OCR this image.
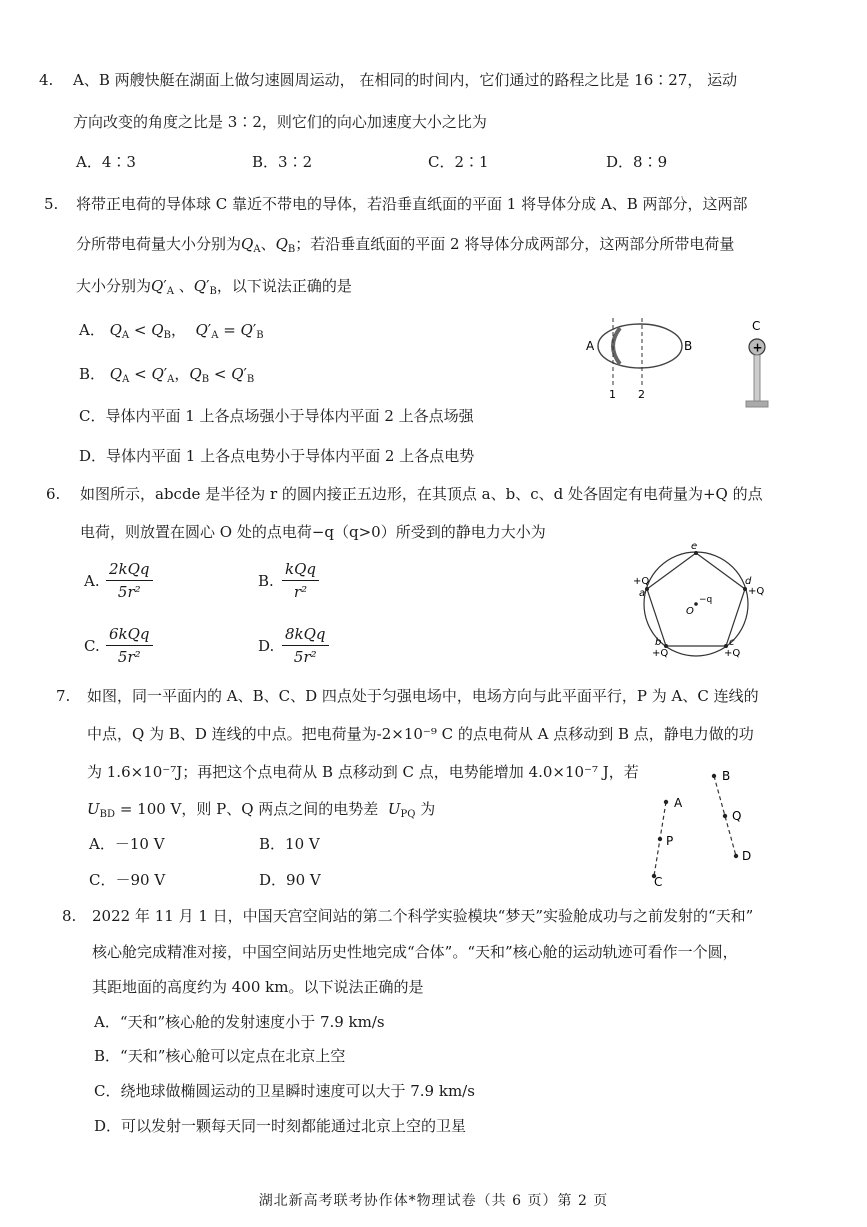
4. A、B 两艘快艇在湖面上做匀速圆周运动， 在相同的时间内，它们通过的路程之比是 16∶27， 运动
方向改变的角度之比是 3∶2，则它们的向心加速度大小之比为
A．4∶3	B．3∶2	C．2∶1	D．8∶9
5. 将带正电荷的导体球 C 靠近不带电的导体，若沿垂直纸面的平面 1 将导体分成 A、B 两部分，这两部
分所带电荷量大小分别为$Q_A$、$Q_B$；若沿垂直纸面的平面 2 将导体分成两部分，这两部分所带电荷量
大小分别为$Q'_A$ 、$Q'_B$，以下说法正确的是
A． $Q_A < Q_B$，  $Q'_A = Q'_B$
B． $Q_A < Q'_A$，$Q_B < Q'_B$
C．导体内平面 1 上各点场强小于导体内平面 2 上各点场强
D．导体内平面 1 上各点电势小于导体内平面 2 上各点电势
A	B
1 2
C
+
6. 如图所示，abcde 是半径为 r 的圆内接正五边形，在其顶点 a、b、c、d 处各固定有电荷量为+Q 的点
电荷，则放置在圆心 O 处的点电荷−q（q>0）所受到的静电力大小为
A.
2kQq
5r²
B.
kQq
r²
C.
6kQq
5r²
D.
8kQq
5r²
e
+Q
a
d
+Q
b
+Q
c
+Q
O
−q
7. 如图，同一平面内的 A、B、C、D 四点处于匀强电场中，电场方向与此平面平行，P 为 A、C 连线的
中点，Q 为 B、D 连线的中点。把电荷量为-2×10⁻⁹ C 的点电荷从 A 点移动到 B 点，静电力做的功
为 1.6×10⁻⁷J；再把这个点电荷从 B 点移动到 C 点，电势能增加 4.0×10⁻⁷ J，若
$U_{BD} = 100$ V，则 P、Q 两点之间的电势差 $U_{PQ}$ 为
A．－10 V	B．10 V
C．－90 V	D．90 V
A
C
P
B
D
Q
8. 2022 年 11 月 1 日，中国天宫空间站的第二个科学实验模块“梦天”实验舱成功与之前发射的“天和”
核心舱完成精准对接，中国空间站历史性地完成“合体”。“天和”核心舱的运动轨迹可看作一个圆，
其距地面的高度约为 400 km。以下说法正确的是
A．“天和”核心舱的发射速度小于 7.9 km/s
B．“天和”核心舱可以定点在北京上空
C．绕地球做椭圆运动的卫星瞬时速度可以大于 7.9 km/s
D．可以发射一颗每天同一时刻都能通过北京上空的卫星
湖北新高考联考协作体*物理试卷（共 6 页）第 2 页
